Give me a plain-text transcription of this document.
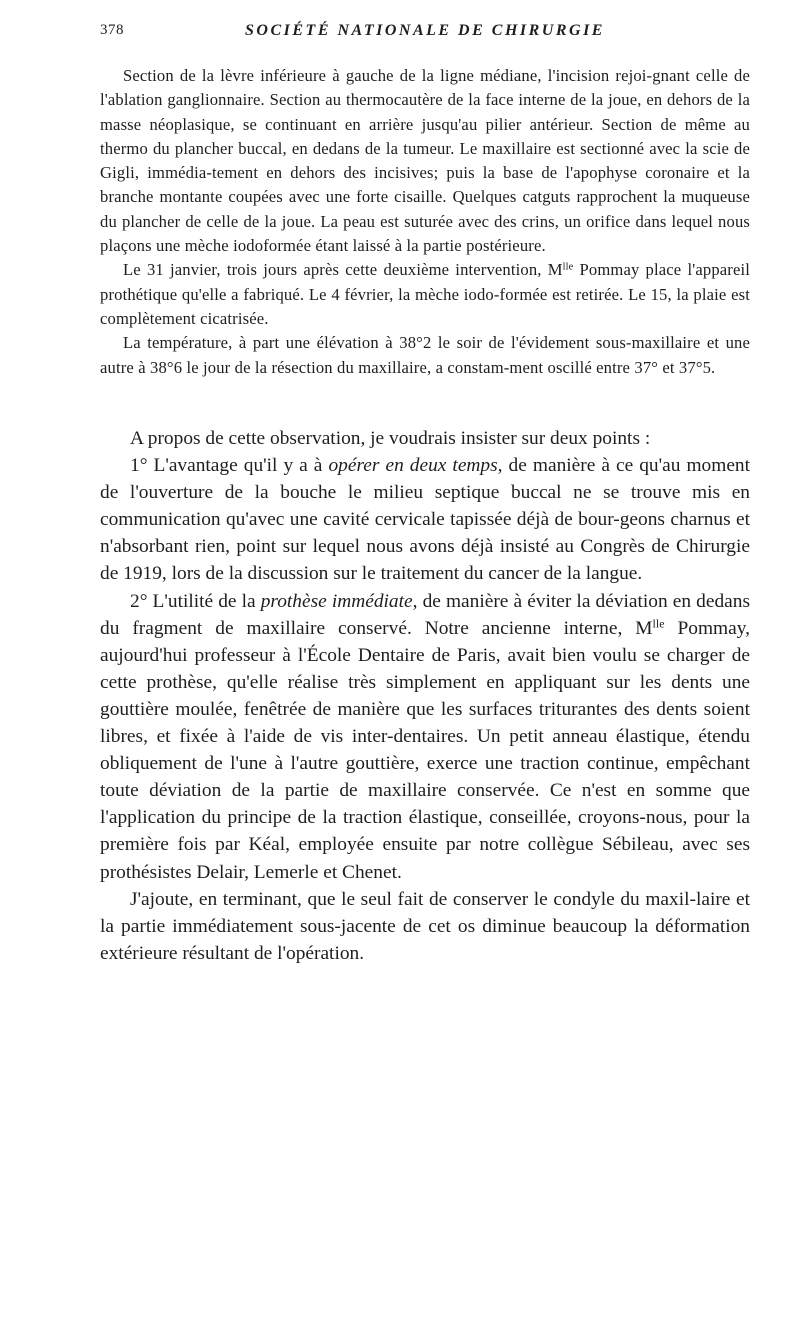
378	SOCIÉTÉ NATIONALE DE CHIRURGIE

Section de la lèvre inférieure à gauche de la ligne médiane, l'incision rejoi-gnant celle de l'ablation ganglionnaire. Section au thermocautère de la face interne de la joue, en dehors de la masse néoplasique, se continuant en arrière jusqu'au pilier antérieur. Section de même au thermo du plancher buccal, en dedans de la tumeur. Le maxillaire est sectionné avec la scie de Gigli, immédia-tement en dehors des incisives; puis la base de l'apophyse coronaire et la branche montante coupées avec une forte cisaille. Quelques catguts rapprochent la muqueuse du plancher de celle de la joue. La peau est suturée avec des crins, un orifice dans lequel nous plaçons une mèche iodoformée étant laissé à la partie postérieure.

Le 31 janvier, trois jours après cette deuxième intervention, $M^{lle}$ Pommay place l'appareil prothétique qu'elle a fabriqué. Le 4 février, la mèche iodo-formée est retirée. Le 15, la plaie est complètement cicatrisée.

La température, à part une élévation à 38°2 le soir de l'évidement sous-maxillaire et une autre à 38°6 le jour de la résection du maxillaire, a constam-ment oscillé entre 37° et 37°5.

A propos de cette observation, je voudrais insister sur deux points :

1° L'avantage qu'il y a à opérer en deux temps, de manière à ce qu'au moment de l'ouverture de la bouche le milieu septique buccal ne se trouve mis en communication qu'avec une cavité cervicale tapissée déjà de bour-geons charnus et n'absorbant rien, point sur lequel nous avons déjà insisté au Congrès de Chirurgie de 1919, lors de la discussion sur le traitement du cancer de la langue.

2° L'utilité de la prothèse immédiate, de manière à éviter la déviation en dedans du fragment de maxillaire conservé. Notre ancienne interne, $M^{lle}$ Pommay, aujourd'hui professeur à l'École Dentaire de Paris, avait bien voulu se charger de cette prothèse, qu'elle réalise très simplement en appliquant sur les dents une gouttière moulée, fenêtrée de manière que les surfaces triturantes des dents soient libres, et fixée à l'aide de vis inter-dentaires. Un petit anneau élastique, étendu obliquement de l'une à l'autre gouttière, exerce une traction continue, empêchant toute déviation de la partie de maxillaire conservée. Ce n'est en somme que l'application du principe de la traction élastique, conseillée, croyons-nous, pour la première fois par Kéal, employée ensuite par notre collègue Sébileau, avec ses prothésistes Delair, Lemerle et Chenet.

J'ajoute, en terminant, que le seul fait de conserver le condyle du maxil-laire et la partie immédiatement sous-jacente de cet os diminue beaucoup la déformation extérieure résultant de l'opération.
